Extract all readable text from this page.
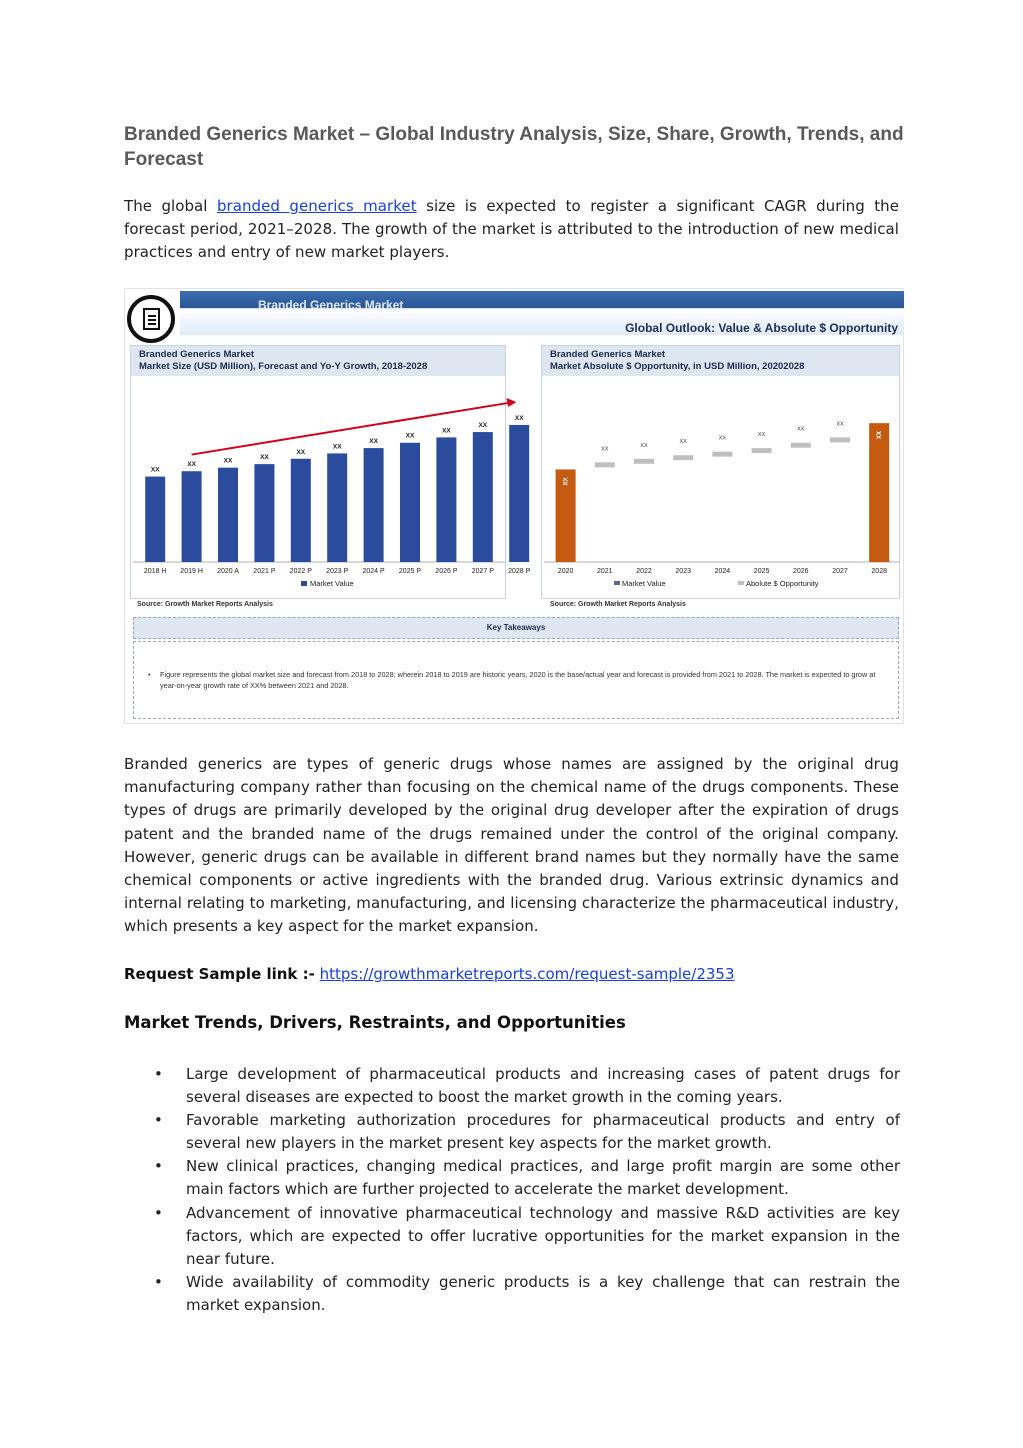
Branded Generics Market – Global Industry Analysis, Size, Share, Growth, Trends, and Forecast

The global branded generics market size is expected to register a significant CAGR during the forecast period, 2021–2028. The growth of the market is attributed to the introduction of new medical practices and entry of new market players.

Branded Generics Market
Global Outlook: Value & Absolute $ Opportunity
Branded Generics Market
Market Size (USD Million), Forecast and Yo-Y Growth, 2018-2028
XX
2018 H
XX
2019 H
XX
2020 A
XX
2021 P
XX
2022 P
XX
2023 P
XX
2024 P
XX
2025 P
XX
2026 P
XX
2027 P
XX
2028 P
Market Value
Branded Generics Market
Market Absolute $ Opportunity, in USD Million, 20202028
XX
2020
XX
2021
XX
2022
XX
2023
XX
2024
XX
2025
XX
2026
XX
2027
XX
2028
Market Value	Abolute $ Opportunity
Source: Growth Market Reports Analysis	Source: Growth Market Reports Analysis
Key Takeaways
• Figure represents the global market size and forecast from 2018 to 2028; wherein 2018 to 2019 are historic years, 2020 is the base/actual year and forecast is provided from 2021 to 2028. The market is expected to grow at year-on-year growth rate of XX% between 2021 and 2028.

Branded generics are types of generic drugs whose names are assigned by the original drug manufacturing company rather than focusing on the chemical name of the drugs components. These types of drugs are primarily developed by the original drug developer after the expiration of drugs patent and the branded name of the drugs remained under the control of the original company. However, generic drugs can be available in different brand names but they normally have the same chemical components or active ingredients with the branded drug. Various extrinsic dynamics and internal relating to marketing, manufacturing, and licensing characterize the pharmaceutical industry, which presents a key aspect for the market expansion.

Request Sample link :- https://growthmarketreports.com/request-sample/2353
Market Trends, Drivers, Restraints, and Opportunities
• Large development of pharmaceutical products and increasing cases of patent drugs for several diseases are expected to boost the market growth in the coming years.
• Favorable marketing authorization procedures for pharmaceutical products and entry of several new players in the market present key aspects for the market growth.
• New clinical practices, changing medical practices, and large profit margin are some other main factors which are further projected to accelerate the market development.
• Advancement of innovative pharmaceutical technology and massive R&D activities are key factors, which are expected to offer lucrative opportunities for the market expansion in the near future.
• Wide availability of commodity generic products is a key challenge that can restrain the market expansion.
